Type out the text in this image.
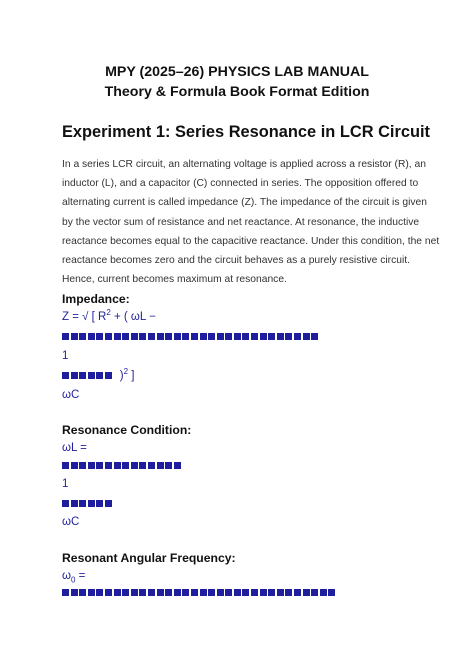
MPY (2025–26) PHYSICS LAB MANUAL
Theory & Formula Book Format Edition
Experiment 1: Series Resonance in LCR Circuit
In a series LCR circuit, an alternating voltage is applied across a resistor (R), an
inductor (L), and a capacitor (C) connected in series. The opposition offered to
alternating current is called impedance (Z). The impedance of the circuit is given
by the vector sum of resistance and net reactance. At resonance, the inductive
reactance becomes equal to the capacitive reactance. Under this condition, the net
reactance becomes zero and the circuit behaves as a purely resistive circuit.
Hence, current becomes maximum at resonance.
Impedance:
Z = √ [ $R^2$ + ( ωL −
1
)$^2$ ]
ωC
Resonance Condition:
ωL =
1
ωC
Resonant Angular Frequency:
$\omega_0$ =
